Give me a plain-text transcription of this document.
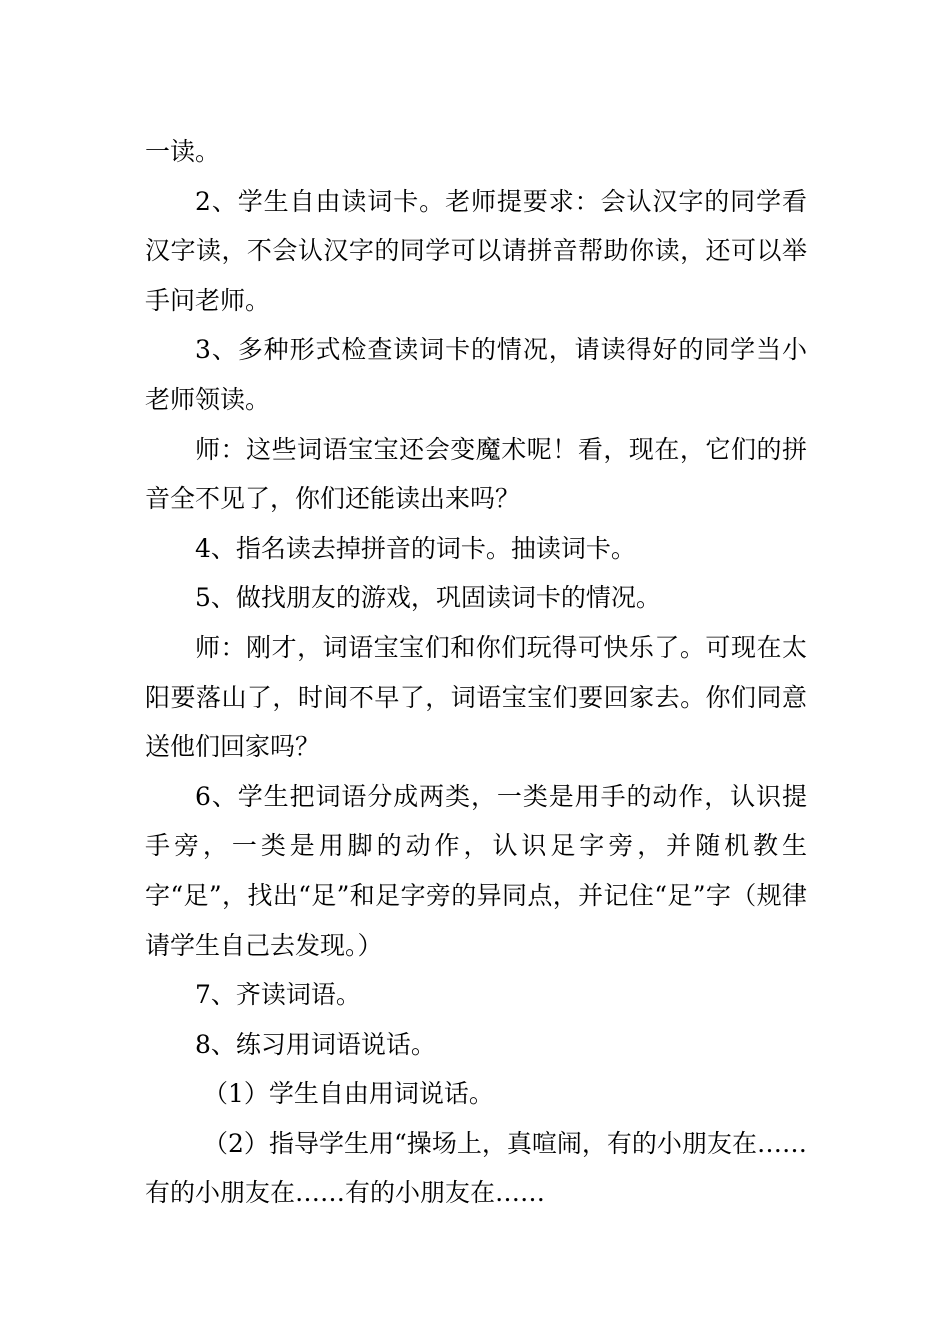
一读。

2、学生自由读词卡。老师提要求：会认汉字的同学看汉字读，不会认汉字的同学可以请拼音帮助你读，还可以举手问老师。

3、多种形式检查读词卡的情况，请读得好的同学当小老师领读。

师：这些词语宝宝还会变魔术呢！看，现在，它们的拼音全不见了，你们还能读出来吗？

4、指名读去掉拼音的词卡。抽读词卡。

5、做找朋友的游戏，巩固读词卡的情况。

师：刚才，词语宝宝们和你们玩得可快乐了。可现在太阳要落山了，时间不早了，词语宝宝们要回家去。你们同意送他们回家吗？

6、学生把词语分成两类，一类是用手的动作，认识提手旁，一类是用脚的动作，认识足字旁，并随机教生字“足”，找出“足”和足字旁的异同点，并记住“足”字（规律请学生自己去发现。）

7、齐读词语。

8、练习用词语说话。

（1）学生自由用词说话。

（2）指导学生用“操场上，真喧闹，有的小朋友在……有的小朋友在……有的小朋友在……
